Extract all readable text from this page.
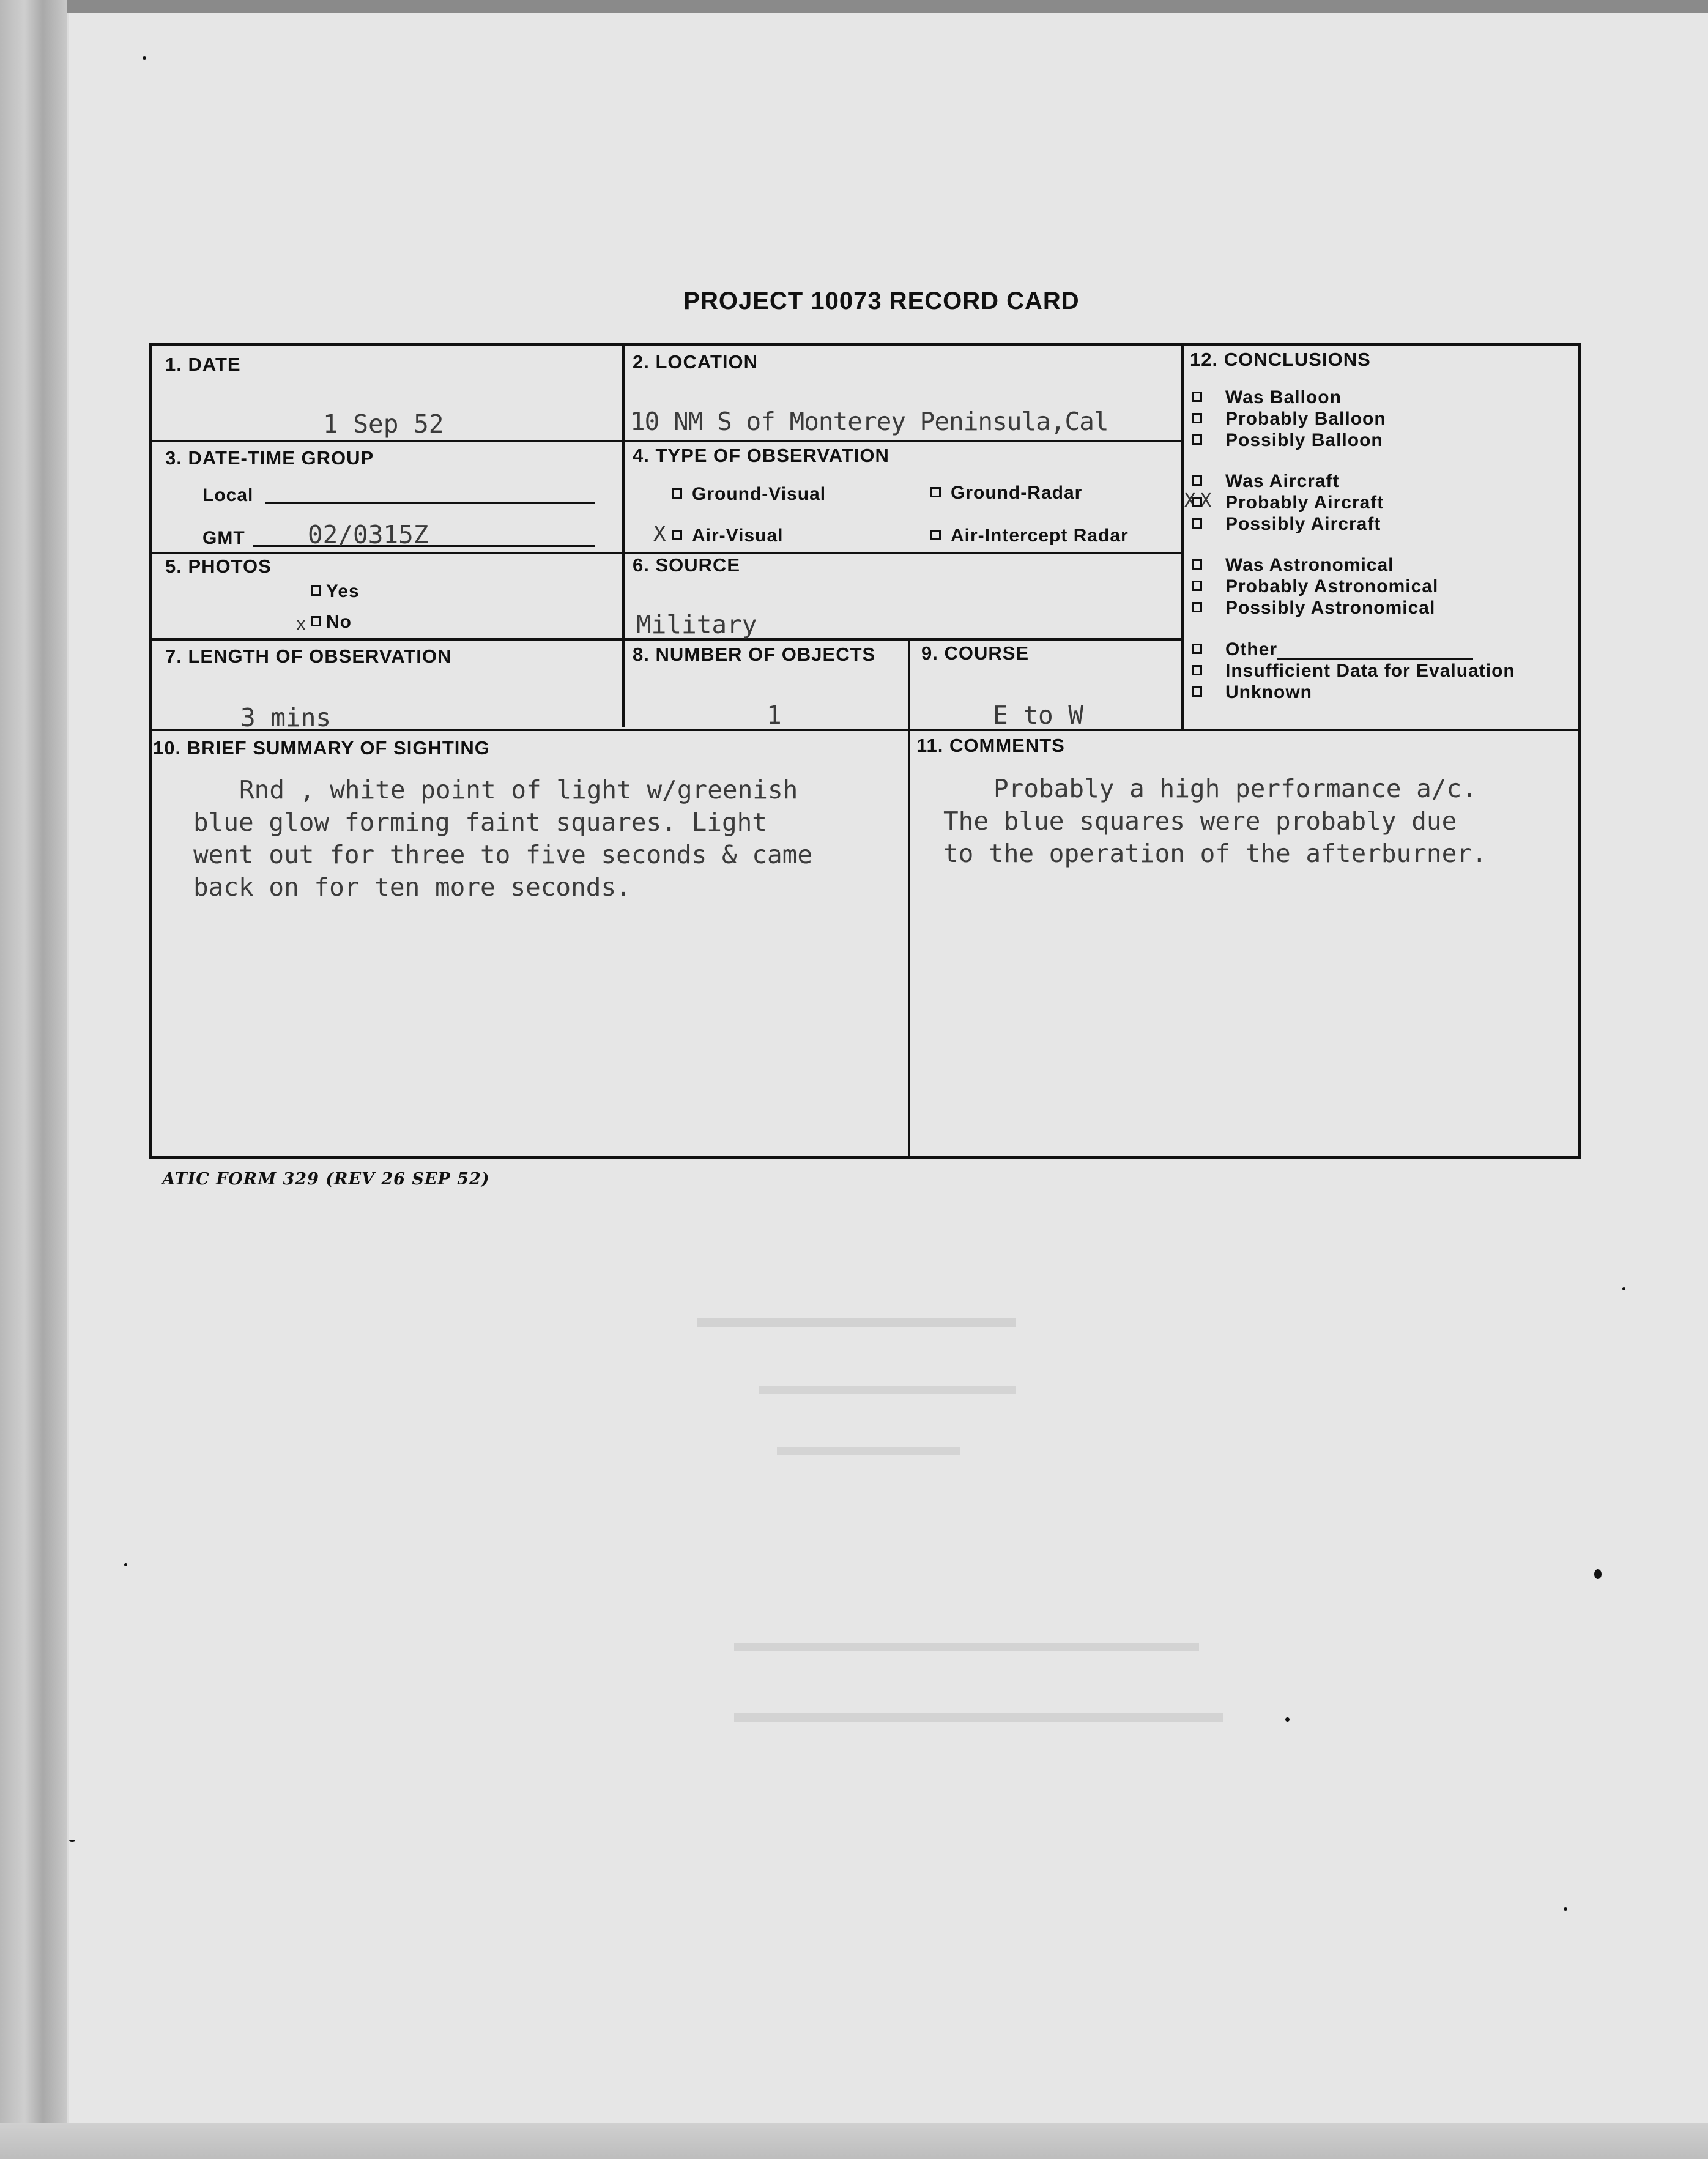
PROJECT 10073 RECORD CARD
1. DATE
1 Sep 52
2. LOCATION
10 NM S of Monterey Peninsula,Cal
3. DATE-TIME GROUP
Local
GMT 02/0315Z
4. TYPE OF OBSERVATION
Ground-Visual	Ground-Radar
X	Air-Visual	Air-Intercept Radar
5. PHOTOS
Yes
x	No
6. SOURCE
Military
7. LENGTH OF OBSERVATION
3 mins
8. NUMBER OF OBJECTS
1
9. COURSE
E to W
10. BRIEF SUMMARY OF SIGHTING
Rnd , white point of light w/greenish
blue glow forming faint squares. Light
went out for three to five seconds & came
back on for ten more seconds.
11. COMMENTS
Probably a high performance a/c.
The blue squares were probably due
to the operation of the afterburner.
12. CONCLUSIONS
Was Balloon
Probably Balloon
Possibly Balloon
Was Aircraft
XX Probably Aircraft
Possibly Aircraft
Was Astronomical
Probably Astronomical
Possibly Astronomical
Other
Insufficient Data for Evaluation
Unknown
ATIC FORM 329 (REV 26 SEP 52)
